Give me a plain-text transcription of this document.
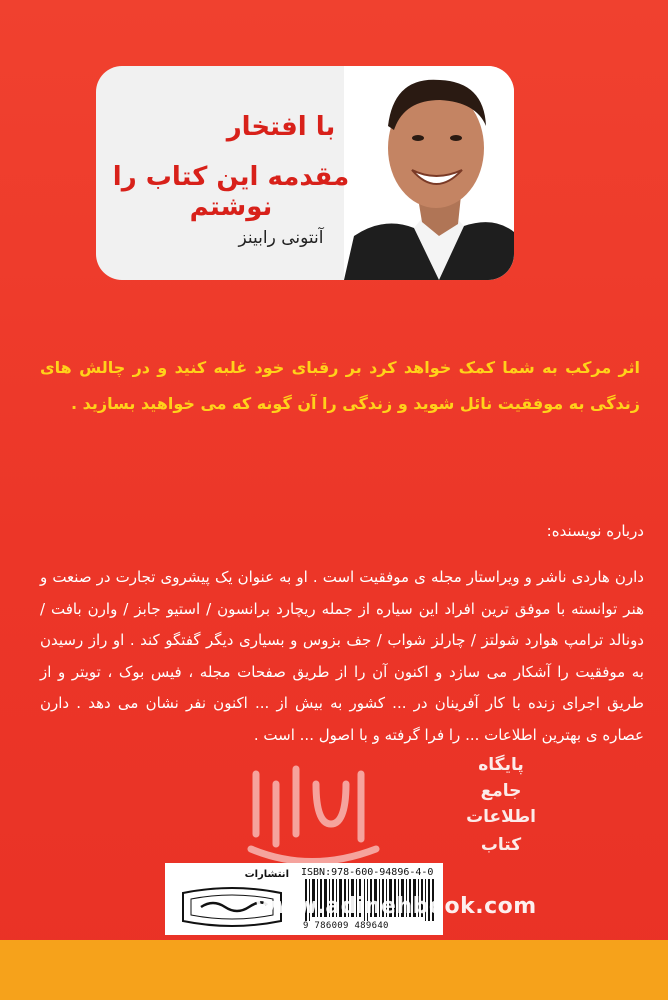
با افتخار
مقدمه این کتاب را نوشتم
آنتونی رابینز
اثر مرکب به شما کمک خواهد کرد بر رقبای خود غلبه کنید و در چالش های زندگی به موفقیت نائل شوید و زندگی را آن گونه که می خواهید بسازید .
درباره نویسنده:
دارن هاردی ناشر و ویراستار مجله ی موفقیت است . او به عنوان یک پیشروی تجارت در صنعت و هنر توانسته با موفق ترین افراد این سیاره از جمله ریچارد برانسون / استیو جابز / وارن بافت / دونالد ترامپ هوارد شولتز / چارلز شواب / جف بزوس و بسیاری دیگر گفتگو کند . او راز رسیدن به موفقیت را آشکار می سازد و اکنون آن را از طریق صفحات مجله ، فیس بوک ، تویتر و از طریق اجرای زنده با کار آفرینان در ... کشور به بیش از ... اکنون نفر نشان می دهد . دارن عصاره ی بهترین اطلاعات ... را فرا گرفته و با اصول ... است .
پایگاه
جامع
اطلاعات
کتاب
انتشارات ISBN:978-600-94896-4-0
9 786009 489640
www.adinehbook.com
